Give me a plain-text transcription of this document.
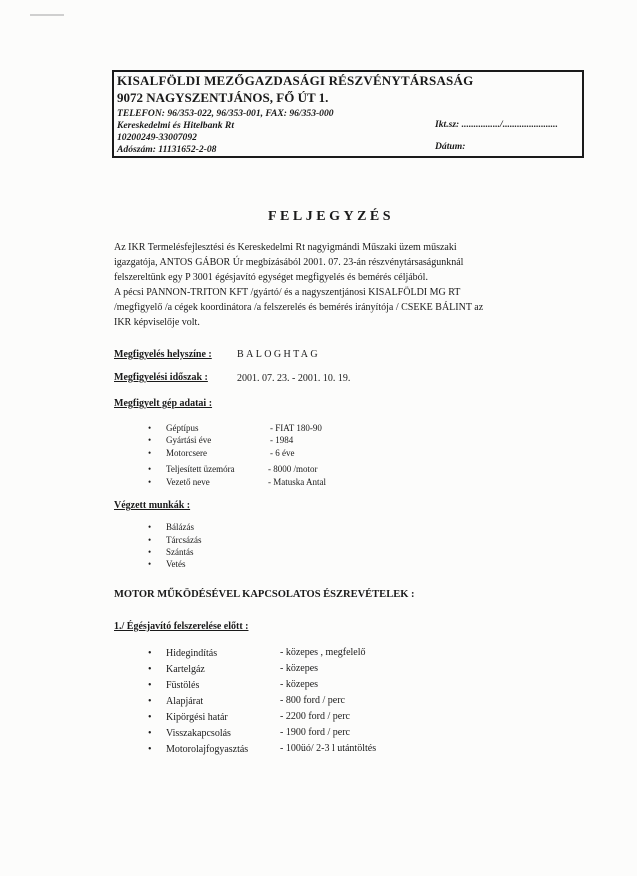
KISALFÖLDI MEZŐGAZDASÁGI RÉSZVÉNYTÁRSASÁG
9072 NAGYSZENTJÁNOS, FŐ ÚT 1.
TELEFON: 96/353-022, 96/353-001, FAX: 96/353-000
Kereskedelmi és Hitelbank Rt
10200249-33007092
Adószám: 11131652-2-08
Ikt.sz: ................/.......................
Dátum:
FELJEGYZÉS
Az IKR Termelésfejlesztési és Kereskedelmi Rt nagyigmándi Műszaki üzem műszaki
igazgatója, ANTOS GÁBOR Úr megbízásából 2001. 07. 23-án részvénytársaságunknál
felszereltünk egy P 3001 égésjavító egységet megfigyelés és bemérés céljából.
A pécsi PANNON-TRITON KFT /gyártó/ és a nagyszentjánosi KISALFÖLDI MG RT
/megfigyelő /a cégek koordinátora /a felszerelés és bemérés irányítója / CSEKE BÁLINT az
IKR képviselője volt.
Megfigyelés helyszíne :	BALOGHTAG
Megfigyelési időszak :	2001. 07. 23. - 2001. 10. 19.
Megfigyelt gép adatai :
• Géptípus	- FIAT 180-90
• Gyártási éve	- 1984
• Motorcsere	- 6 éve
• Teljesített üzemóra	- 8000 /motor
• Vezető neve	- Matuska Antal
Végzett munkák :
• Bálázás
• Tárcsázás
• Szántás
• Vetés
MOTOR MŰKÖDÉSÉVEL KAPCSOLATOS ÉSZREVÉTELEK :
1./ Égésjavító felszerelése előtt :
• Hidegindítás	- közepes , megfelelő
• Kartelgáz	- közepes
• Füstölés	- közepes
• Alapjárat	- 800 ford / perc
• Kipörgési határ	- 2200 ford / perc
• Visszakapcsolás	- 1900 ford / perc
• Motorolajfogyasztás	- 100üó/ 2-3 l utántöltés
